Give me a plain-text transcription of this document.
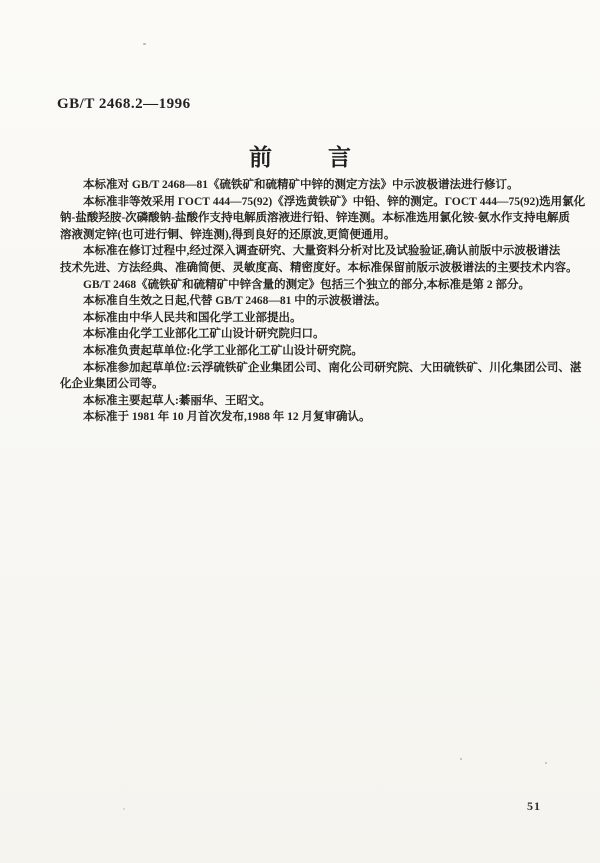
GB/T 2468.2—1996
前 言
本标准对 GB/T 2468—81《硫铁矿和硫精矿中锌的测定方法》中示波极谱法进行修订。
本标准非等效采用 ГОСТ 444—75(92)《浮选黄铁矿》中铅、锌的测定。ГОСТ 444—75(92)选用氯化
钠-盐酸羟胺-次磷酸钠-盐酸作支持电解质溶液进行铅、锌连测。本标准选用氯化铵-氨水作支持电解质
溶液测定锌(也可进行铜、锌连测),得到良好的还原波,更简便通用。
本标准在修订过程中,经过深入调查研究、大量资料分析对比及试验验证,确认前版中示波极谱法
技术先进、方法经典、准确简便、灵敏度高、精密度好。本标准保留前版示波极谱法的主要技术内容。
GB/T 2468《硫铁矿和硫精矿中锌含量的测定》包括三个独立的部分,本标准是第 2 部分。
本标准自生效之日起,代替 GB/T 2468—81 中的示波极谱法。
本标准由中华人民共和国化学工业部提出。
本标准由化学工业部化工矿山设计研究院归口。
本标准负责起草单位:化学工业部化工矿山设计研究院。
本标准参加起草单位:云浮硫铁矿企业集团公司、南化公司研究院、大田硫铁矿、川化集团公司、湛
化企业集团公司等。
本标准主要起草人:綦丽华、王昭文。
本标准于 1981 年 10 月首次发布,1988 年 12 月复审确认。
51
